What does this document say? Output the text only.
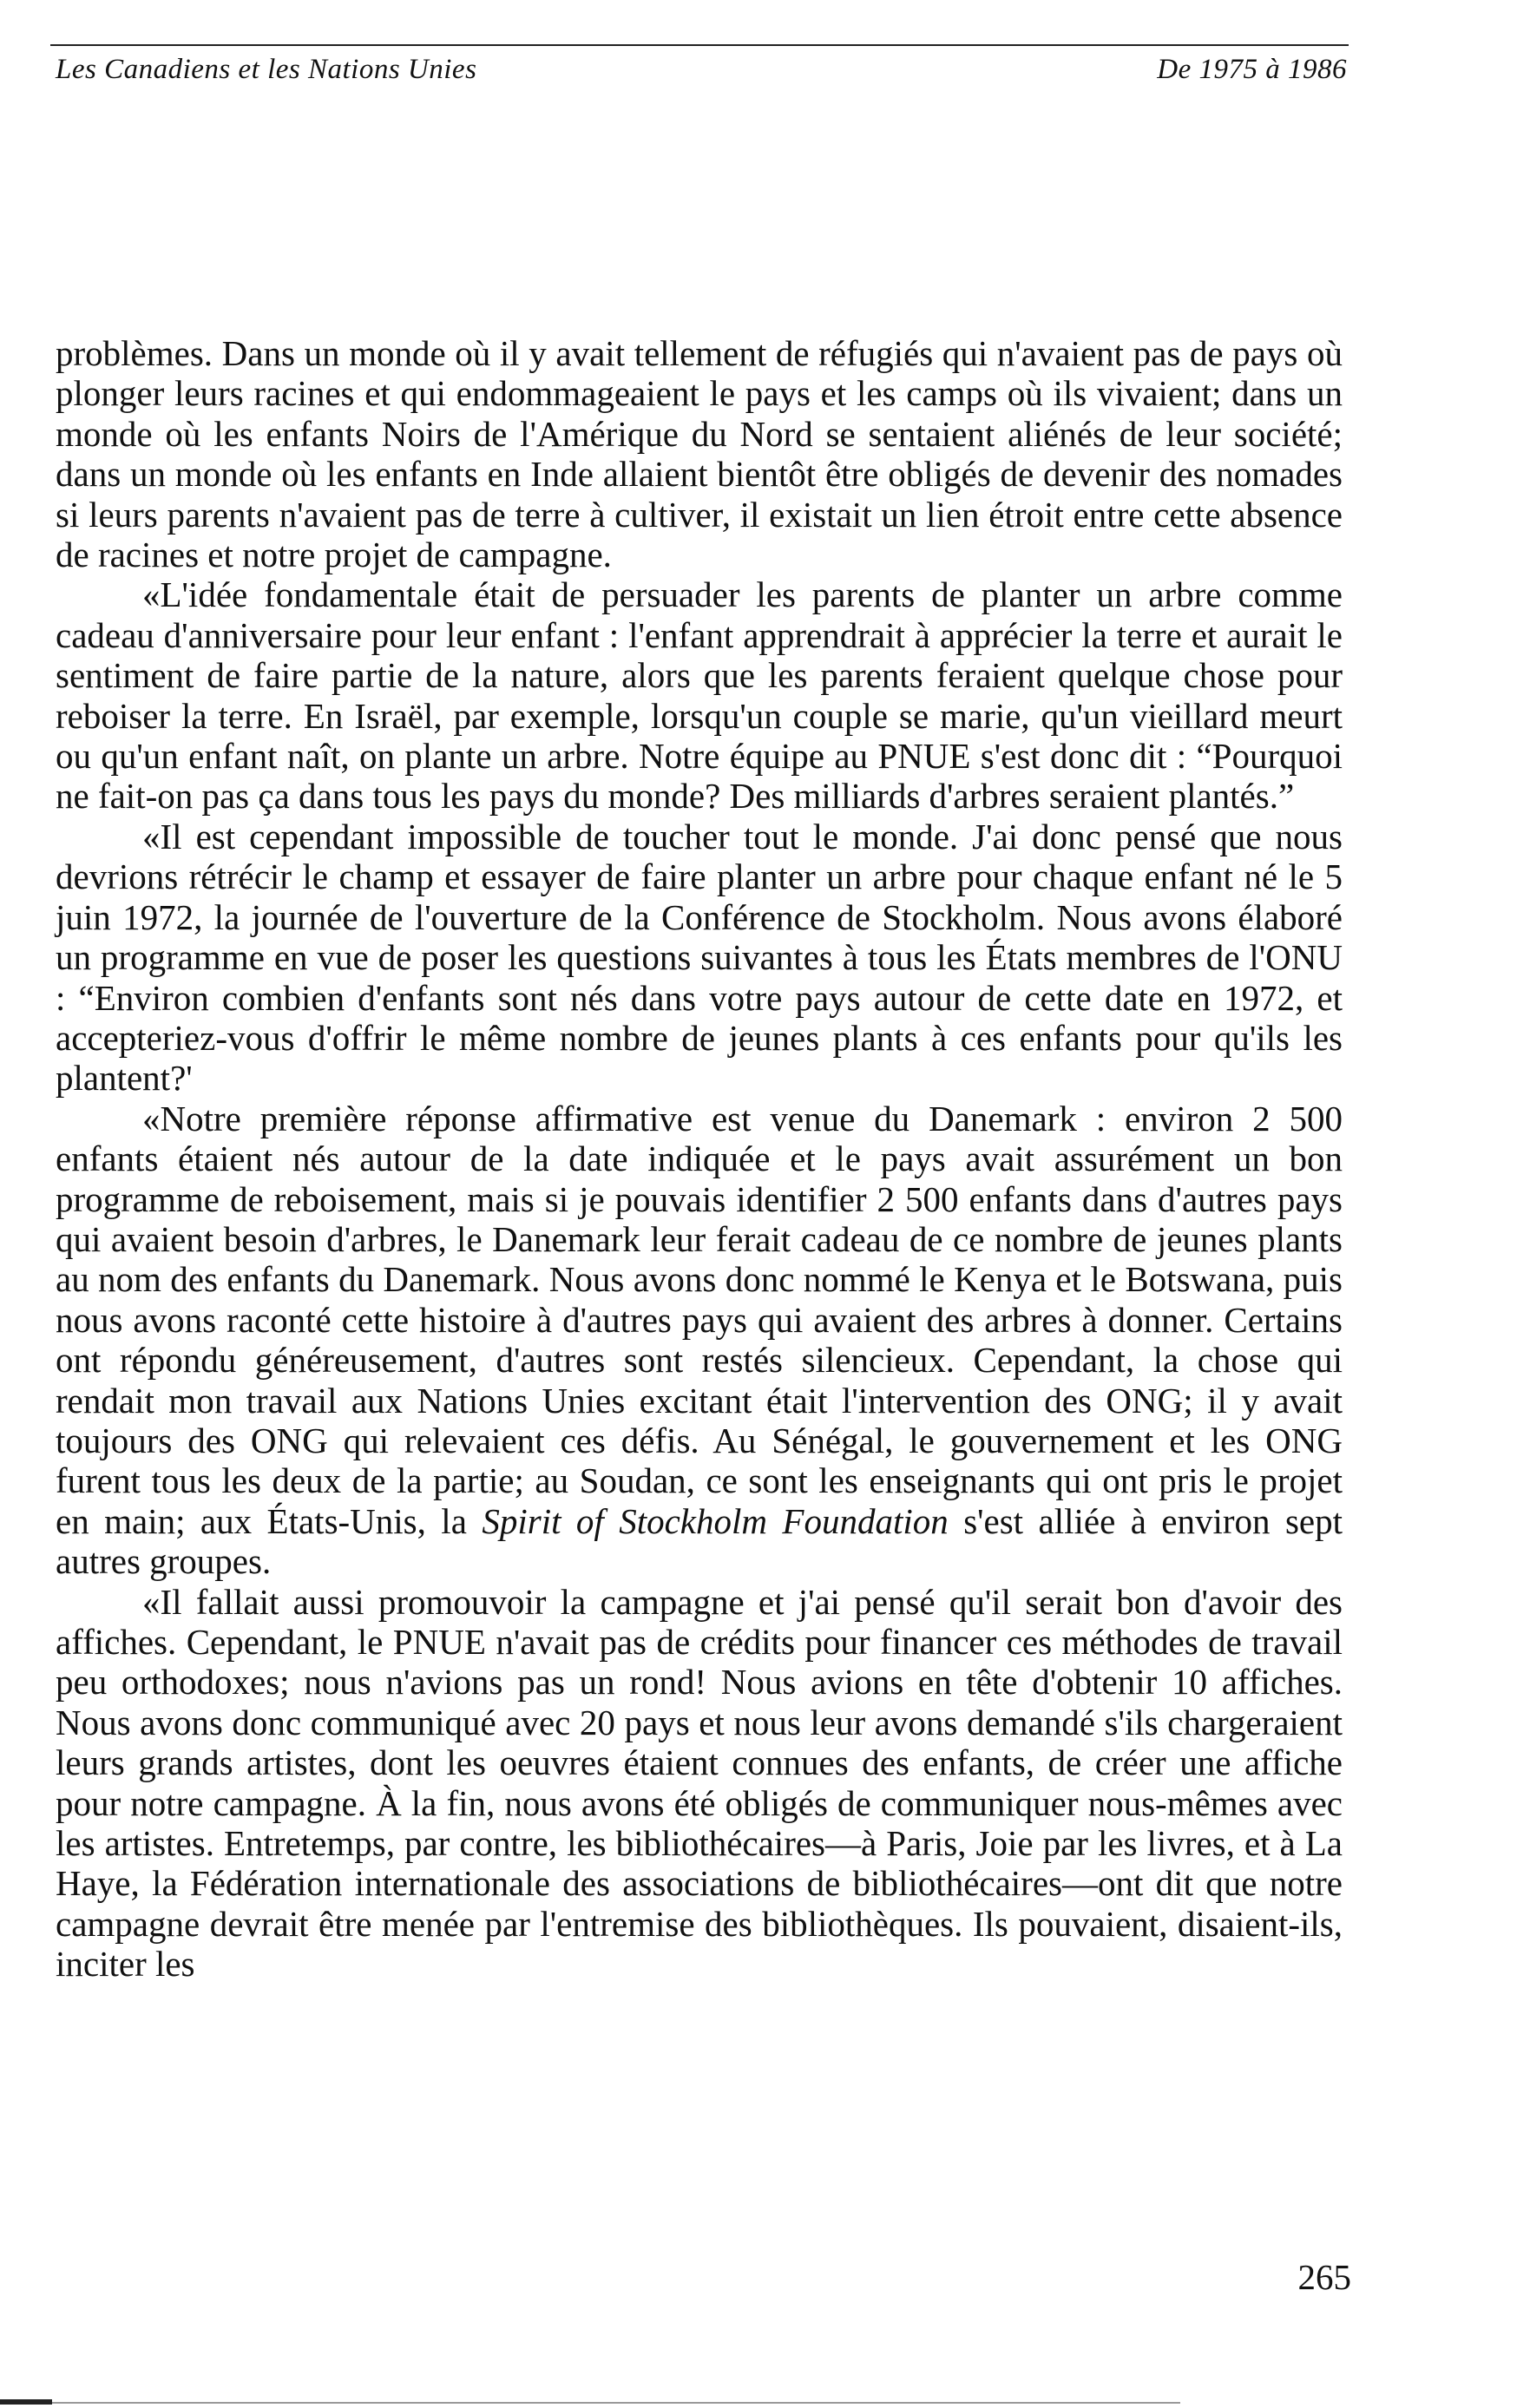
Les Canadiens et les Nations Unies	De 1975 à 1986

problèmes. Dans un monde où il y avait tellement de réfugiés qui n'avaient pas de pays où plonger leurs racines et qui endommageaient le pays et les camps où ils vivaient; dans un monde où les enfants Noirs de l'Amérique du Nord se sentaient aliénés de leur société; dans un monde où les enfants en Inde allaient bientôt être obligés de devenir des nomades si leurs parents n'avaient pas de terre à cultiver, il existait un lien étroit entre cette absence de racines et notre projet de campagne.

«L'idée fondamentale était de persuader les parents de planter un arbre comme cadeau d'anniversaire pour leur enfant : l'enfant apprendrait à apprécier la terre et aurait le sentiment de faire partie de la nature, alors que les parents feraient quelque chose pour reboiser la terre. En Israël, par exemple, lorsqu'un couple se marie, qu'un vieillard meurt ou qu'un enfant naît, on plante un arbre. Notre équipe au PNUE s'est donc dit : “Pourquoi ne fait-on pas ça dans tous les pays du monde? Des milliards d'arbres seraient plantés.”

«Il est cependant impossible de toucher tout le monde. J'ai donc pensé que nous devrions rétrécir le champ et essayer de faire planter un arbre pour chaque enfant né le 5 juin 1972, la journée de l'ouverture de la Conférence de Stockholm. Nous avons élaboré un programme en vue de poser les questions suivantes à tous les États membres de l'ONU : “Environ combien d'enfants sont nés dans votre pays autour de cette date en 1972, et accepteriez-vous d'offrir le même nombre de jeunes plants à ces enfants pour qu'ils les plantent?'

«Notre première réponse affirmative est venue du Danemark : environ 2 500 enfants étaient nés autour de la date indiquée et le pays avait assurément un bon programme de reboisement, mais si je pouvais identifier 2 500 enfants dans d'autres pays qui avaient besoin d'arbres, le Danemark leur ferait cadeau de ce nombre de jeunes plants au nom des enfants du Danemark. Nous avons donc nommé le Kenya et le Botswana, puis nous avons raconté cette histoire à d'autres pays qui avaient des arbres à donner. Certains ont répondu généreusement, d'autres sont restés silencieux. Cependant, la chose qui rendait mon travail aux Nations Unies excitant était l'intervention des ONG; il y avait toujours des ONG qui relevaient ces défis. Au Sénégal, le gouvernement et les ONG furent tous les deux de la partie; au Soudan, ce sont les enseignants qui ont pris le projet en main; aux États-Unis, la Spirit of Stockholm Foundation s'est alliée à environ sept autres groupes.

«Il fallait aussi promouvoir la campagne et j'ai pensé qu'il serait bon d'avoir des affiches. Cependant, le PNUE n'avait pas de crédits pour financer ces méthodes de travail peu orthodoxes; nous n'avions pas un rond! Nous avions en tête d'obtenir 10 affiches. Nous avons donc communiqué avec 20 pays et nous leur avons demandé s'ils chargeraient leurs grands artistes, dont les oeuvres étaient connues des enfants, de créer une affiche pour notre campagne. À la fin, nous avons été obligés de communiquer nous-mêmes avec les artistes. Entretemps, par contre, les bibliothécaires—à Paris, Joie par les livres, et à La Haye, la Fédération internationale des associations de bibliothécaires—ont dit que notre campagne devrait être menée par l'entremise des bibliothèques. Ils pouvaient, disaient-ils, inciter les

265
